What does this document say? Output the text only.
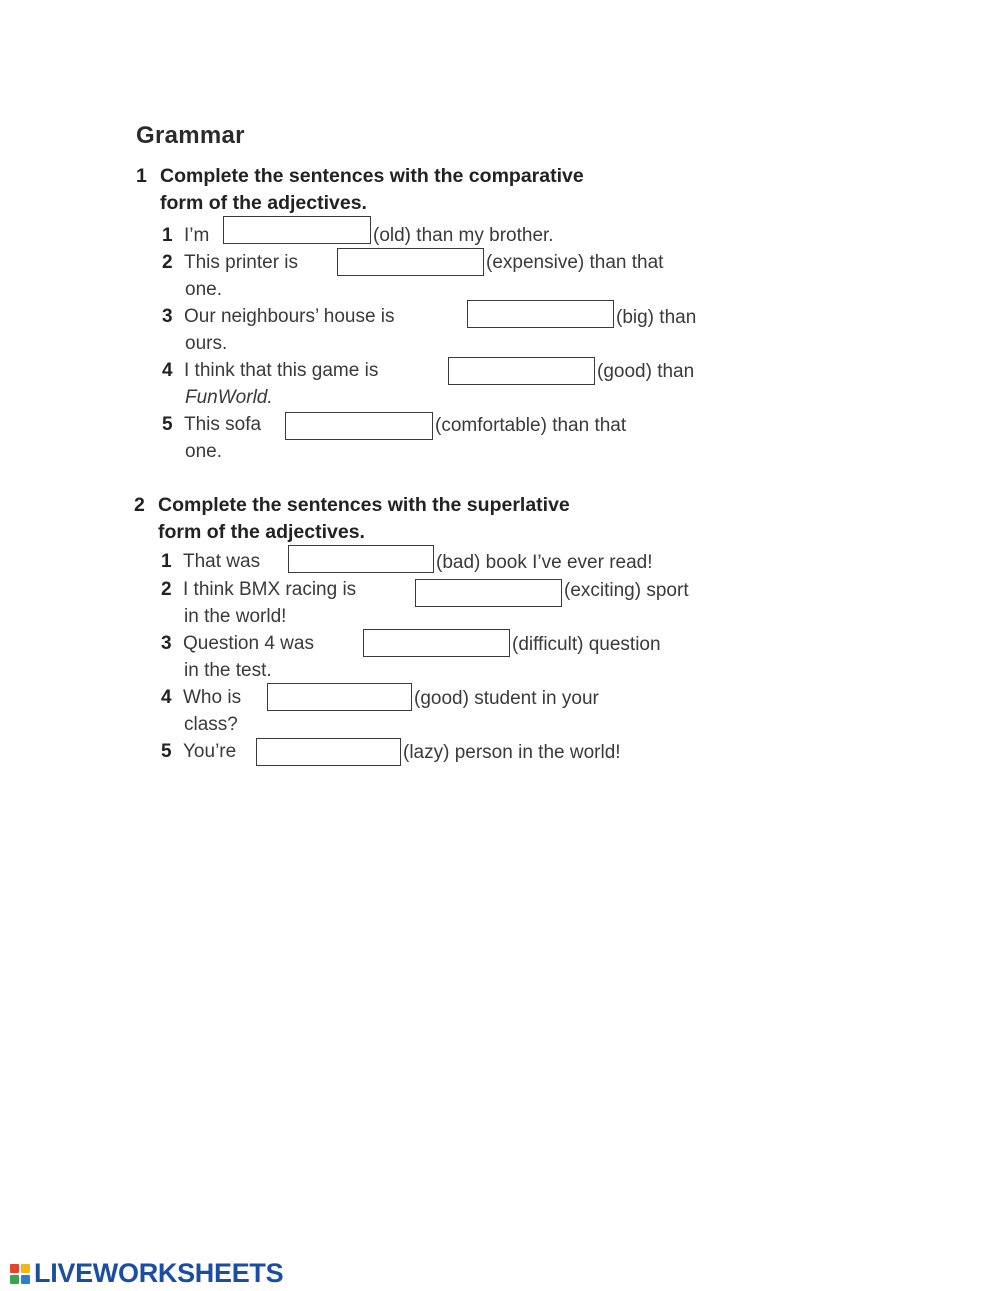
Grammar
1 Complete the sentences with the comparative
form of the adjectives.
1 I’m	(old) than my brother.
2 This printer is	(expensive) than that
one.
3 Our neighbours’ house is	(big) than
ours.
4 I think that this game is	(good) than
FunWorld.
5 This sofa	(comfortable) than that
one.
2 Complete the sentences with the superlative
form of the adjectives.
1 That was	(bad) book I’ve ever read!
2 I think BMX racing is	(exciting) sport
in the world!
3 Question 4 was	(difficult) question
in the test.
4 Who is	(good) student in your
class?
5 You’re	(lazy) person in the world!
LIVEWORKSHEETS
